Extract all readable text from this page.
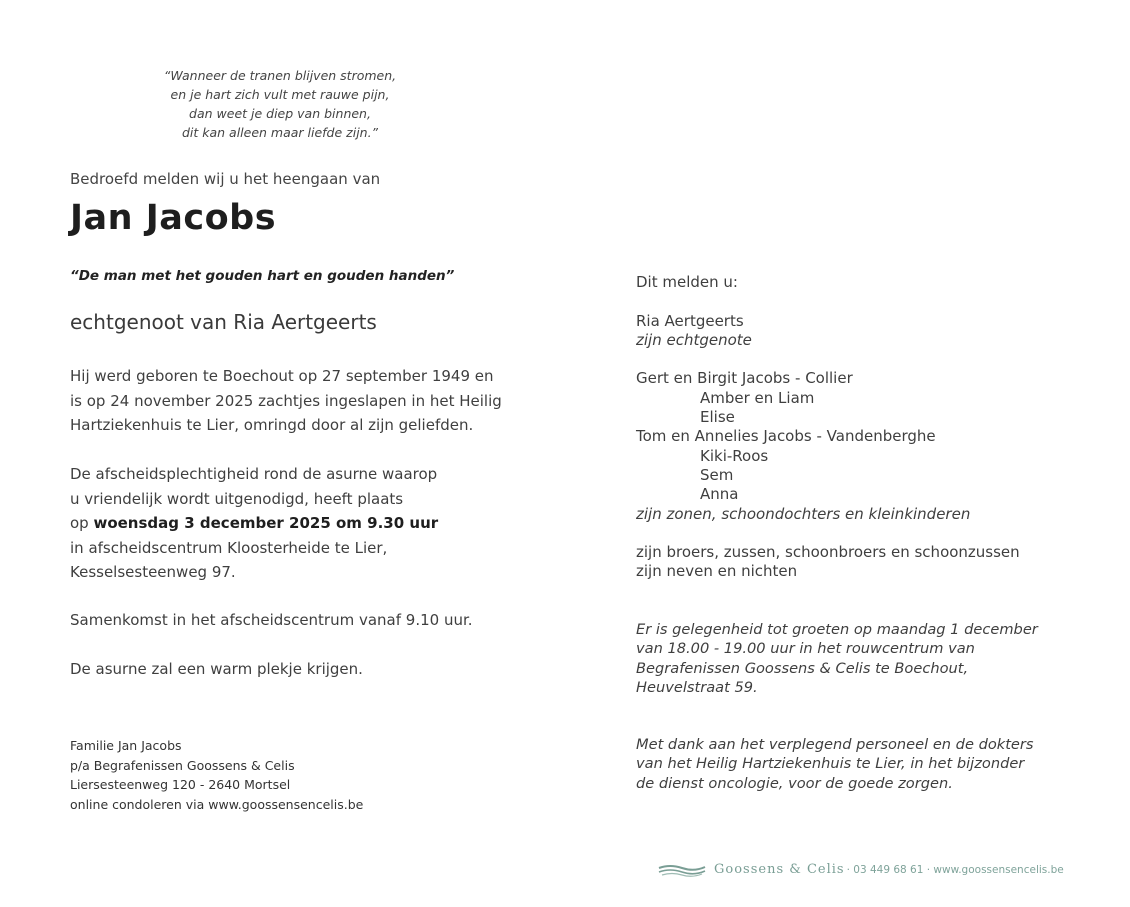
“Wanneer de tranen blijven stromen,
en je hart zich vult met rauwe pijn,
dan weet je diep van binnen,
dit kan alleen maar liefde zijn.”
Bedroefd melden wij u het heengaan van
Jan Jacobs
“De man met het gouden hart en gouden handen”
echtgenoot van Ria Aertgeerts
Hij werd geboren te Boechout op 27 september 1949 en
is op 24 november 2025 zachtjes ingeslapen in het Heilig
Hartziekenhuis te Lier, omringd door al zijn geliefden.
De afscheidsplechtigheid rond de asurne waarop
u vriendelijk wordt uitgenodigd, heeft plaats
op woensdag 3 december 2025 om 9.30 uur
in afscheidscentrum Kloosterheide te Lier,
Kesselsesteenweg 97.
Samenkomst in het afscheidscentrum vanaf 9.10 uur.
De asurne zal een warm plekje krijgen.
Familie Jan Jacobs
p/a Begrafenissen Goossens & Celis
Liersesteenweg 120 - 2640 Mortsel
online condoleren via www.goossensencelis.be
Dit melden u:
Ria Aertgeerts
zijn echtgenote
Gert en Birgit Jacobs - Collier
Amber en Liam
Elise
Tom en Annelies Jacobs - Vandenberghe
Kiki-Roos
Sem
Anna
zijn zonen, schoondochters en kleinkinderen
zijn broers, zussen, schoonbroers en schoonzussen
zijn neven en nichten
Er is gelegenheid tot groeten op maandag 1 december
van 18.00 - 19.00 uur in het rouwcentrum van
Begrafenissen Goossens & Celis te Boechout,
Heuvelstraat 59.
Met dank aan het verplegend personeel en de dokters
van het Heilig Hartziekenhuis te Lier, in het bijzonder
de dienst oncologie, voor de goede zorgen.
Goossens & Celis · 03 449 68 61 · www.goossensencelis.be
